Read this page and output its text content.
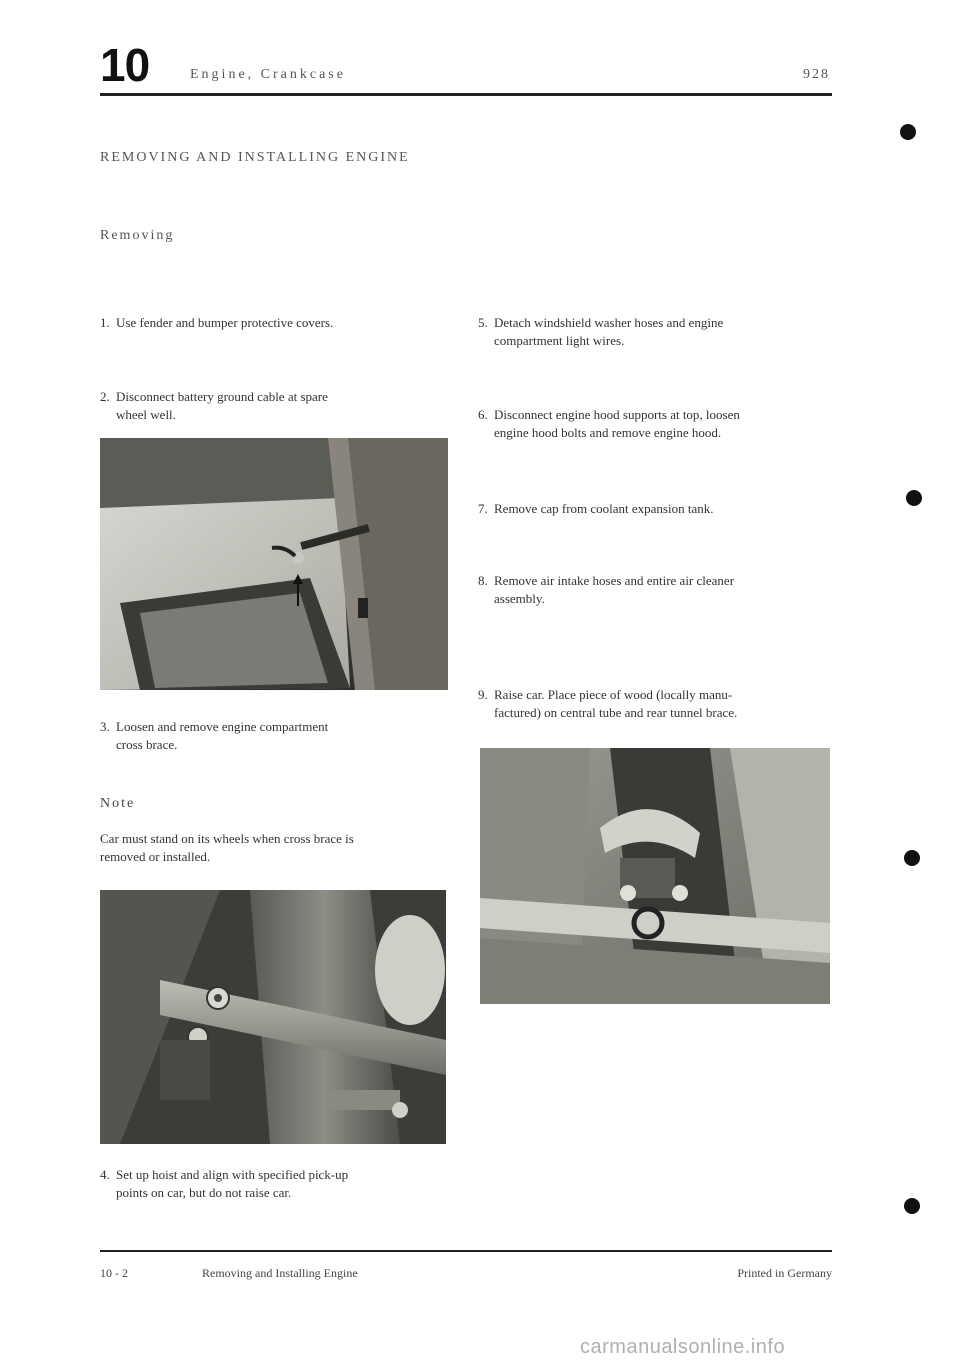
10	Engine, Crankcase	928
REMOVING AND INSTALLING ENGINE
Removing
1. Use fender and bumper protective covers.
2. Disconnect battery ground cable at spare
wheel well.
3. Loosen and remove engine compartment
cross brace.
Note
Car must stand on its wheels when cross brace is
removed or installed.
4. Set up hoist and align with specified pick-up
points on car, but do not raise car.
5. Detach windshield washer hoses and engine
compartment light wires.
6. Disconnect engine hood supports at top, loosen
engine hood bolts and remove engine hood.
7. Remove cap from coolant expansion tank.
8. Remove air intake hoses and entire air cleaner
assembly.
9. Raise car. Place piece of wood (locally manu-
factured) on central tube and rear tunnel brace.
10 - 2	Removing and Installing Engine	Printed in Germany
carmanualsonline.info
